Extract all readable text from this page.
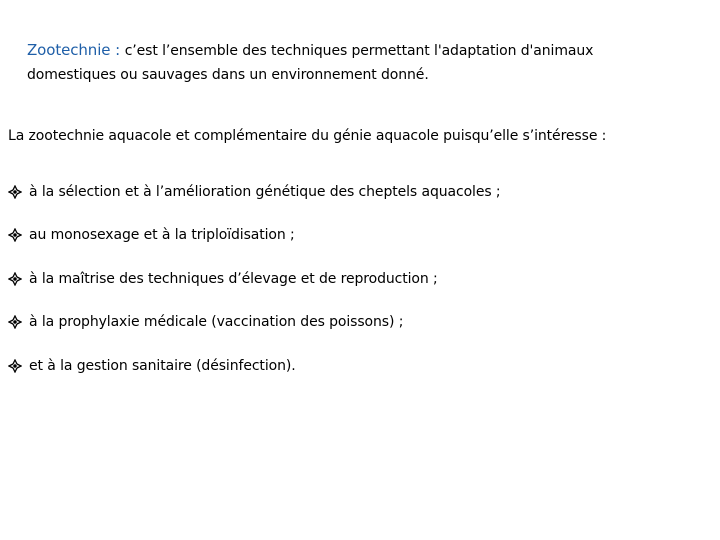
Zootechnie : c’est l’ensemble des techniques permettant l'adaptation d'animaux
domestiques ou sauvages dans un environnement donné.
La zootechnie aquacole et complémentaire du génie aquacole puisqu’elle s’intéresse :
à la sélection et à l’amélioration génétique des cheptels aquacoles ;
au monosexage et à la triploïdisation ;
à la maîtrise des techniques d’élevage et de reproduction ;
à la prophylaxie médicale (vaccination des poissons) ;
et à la gestion sanitaire (désinfection).
